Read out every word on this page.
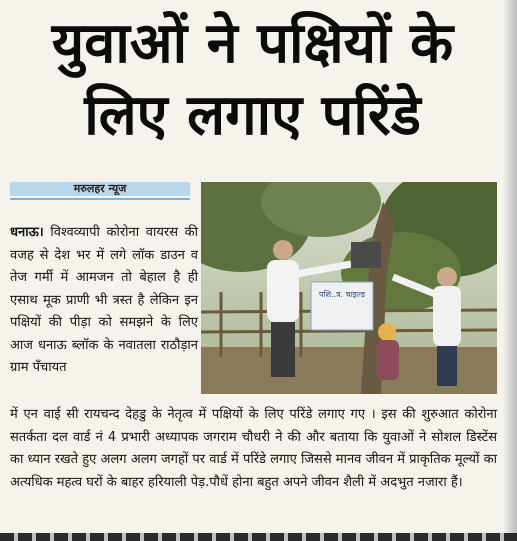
युवाओं ने पक्षियों के
लिए लगाए परिंडे
मरुलहर न्यूज
धनाऊ। विश्वव्यापी कोरोना वायरस की वजह से देश भर में लगे लॉक डाउन व तेज गर्मी में आमजन तो बेहाल है ही एसाथ मूक प्राणी भी त्रस्त है लेकिन इन पक्षियों की पीड़ा को समझने के लिए आज धनाऊ ब्लॉक के नवातला राठौड़ान ग्राम पँचायत
पशि..त्र. चाइल्ड
में एन वाई सी रायचन्द देहडु के नेतृत्व में पक्षियों के लिए परिंडे लगाए गए । इस की शुरुआत कोरोना सतर्कता दल वार्ड नं 4 प्रभारी अध्यापक जगराम चौधरी ने की और बताया कि युवाओं ने सोशल डिस्टेंस का ध्यान रखते हुए अलग अलग जगहों पर वार्ड में परिंडे लगाए जिससे मानव जीवन में प्राकृतिक मूल्यों का अत्यधिक महत्व घरों के बाहर हरियाली पेड़.पौधें होना बहुत अपने जीवन शैली में अदभुत नजारा हैं।
